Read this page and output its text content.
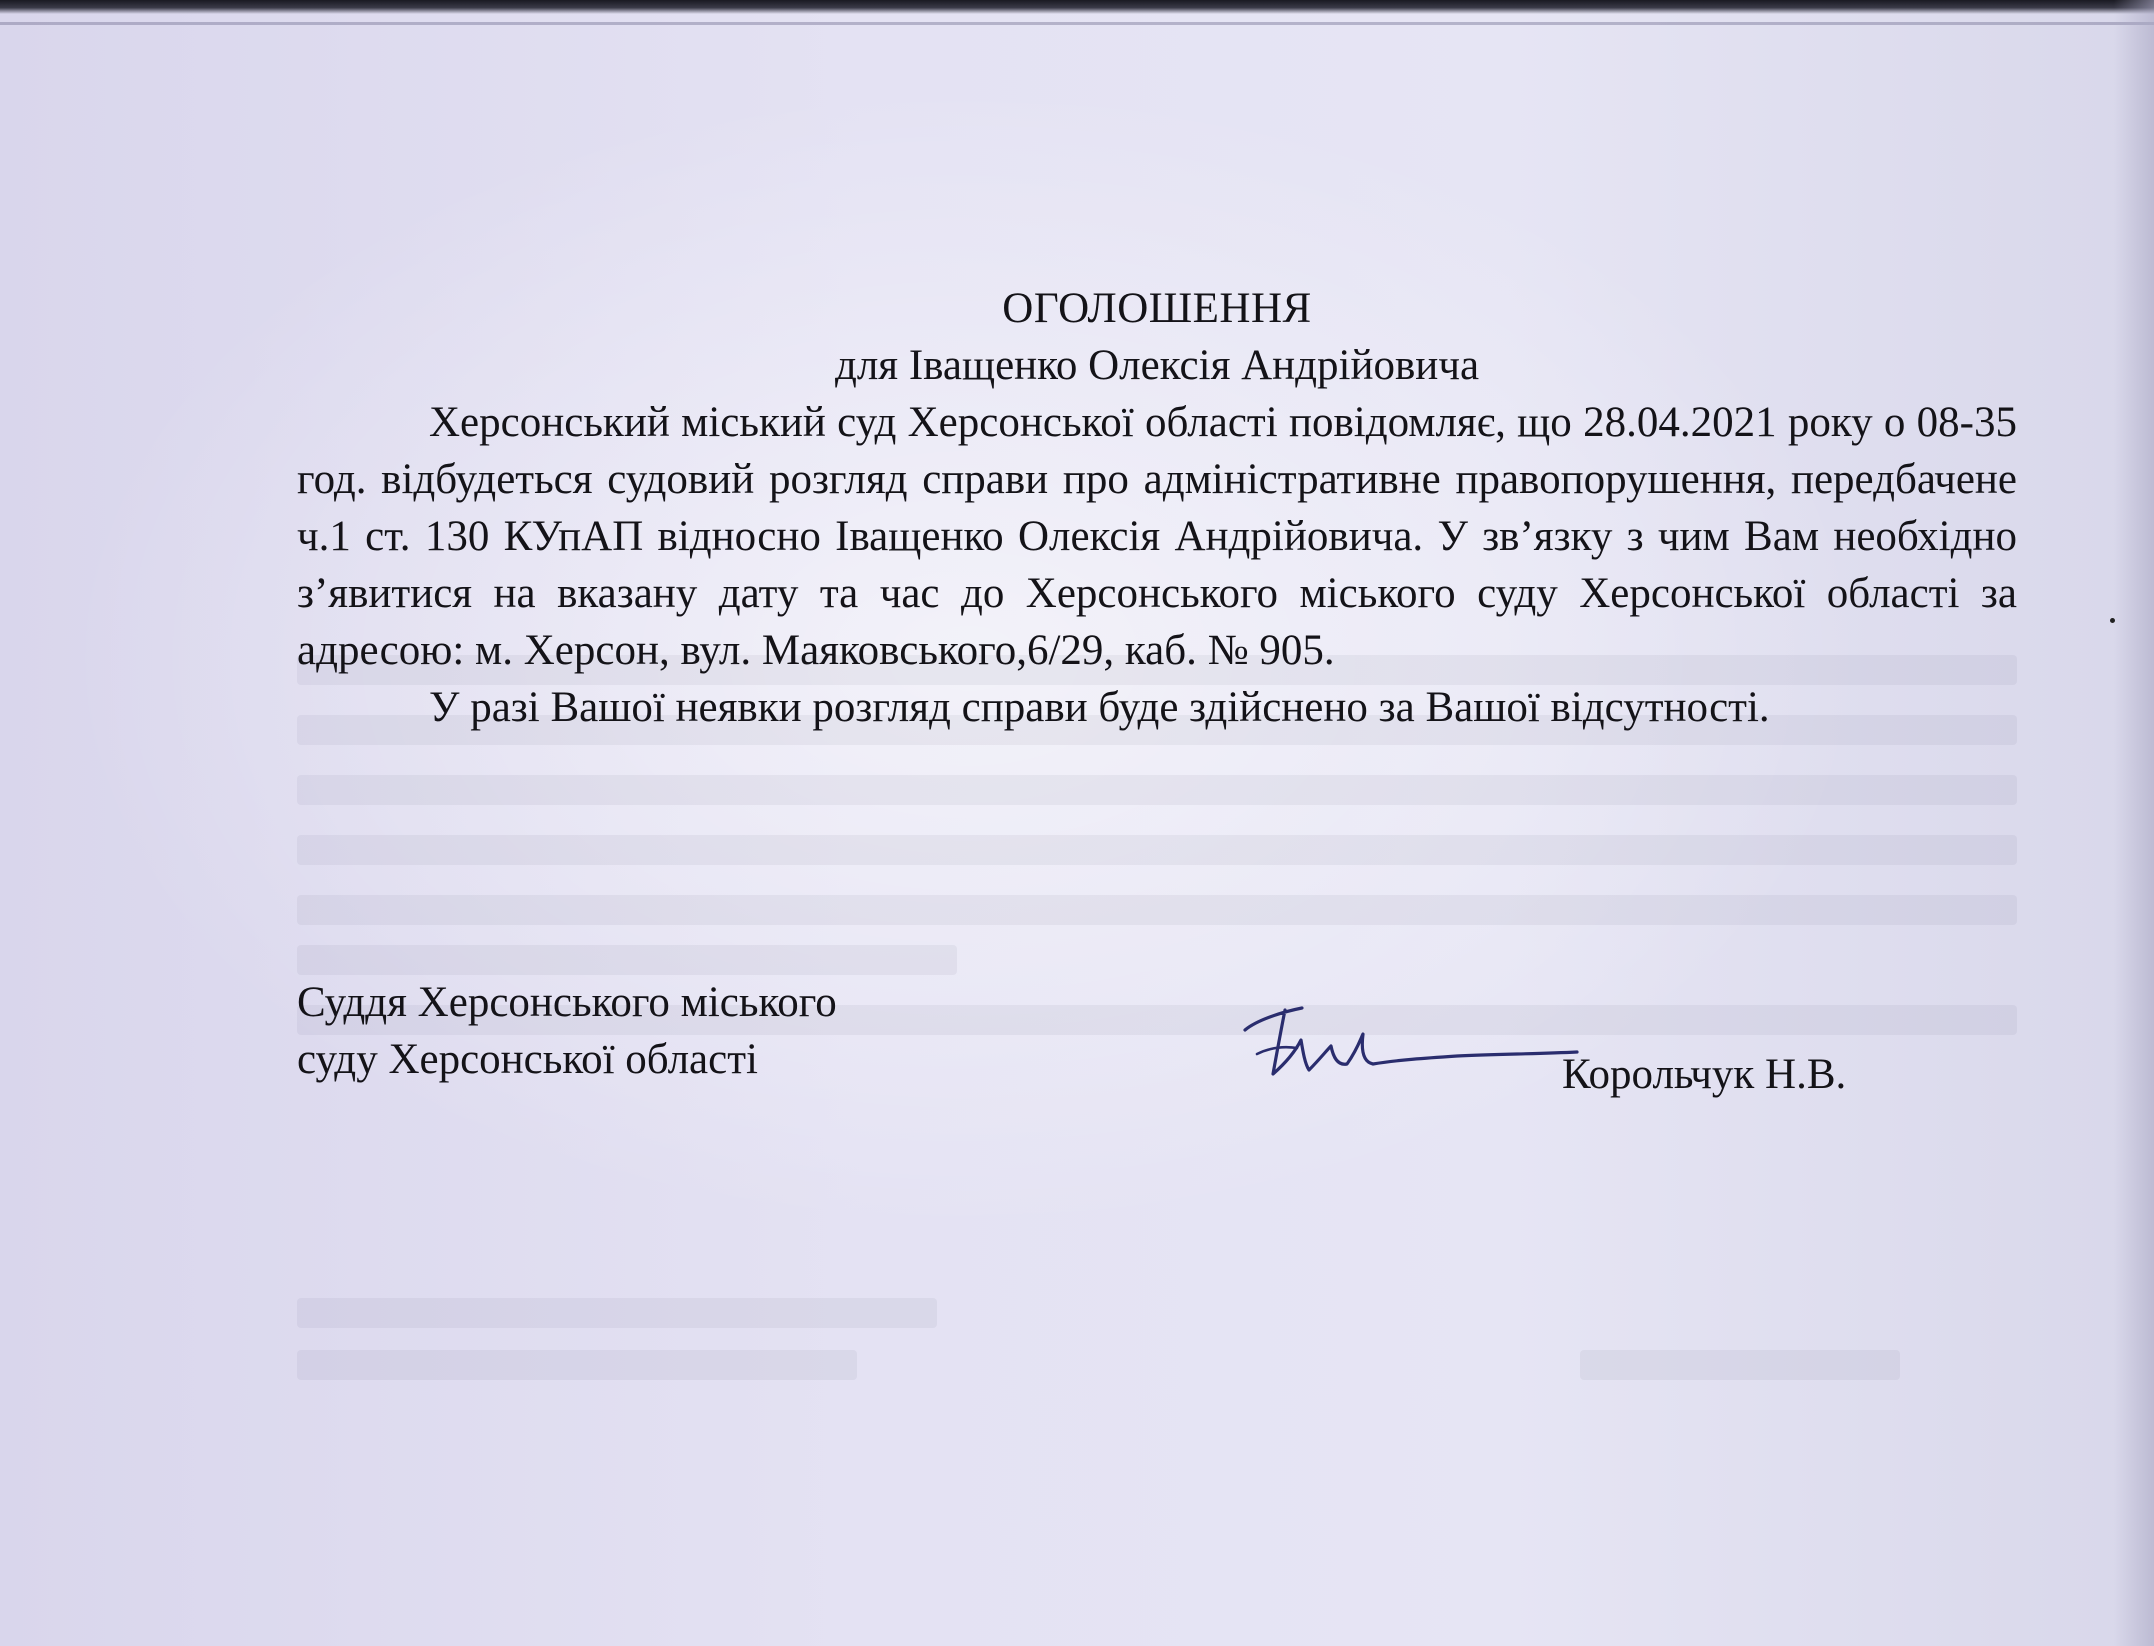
ОГОЛОШЕННЯ

для Іващенко Олексія Андрійовича

Херсонський міський суд Херсонської області повідомляє, що 28.04.2021 року о 08-35 год. відбудеться судовий розгляд справи про адміністративне правопорушення, передбачене ч.1 ст. 130 КУпАП відносно Іващенко Олексія Андрійовича. У зв’язку з чим Вам необхідно з’явитися на вказану дату та час до Херсонського міського суду Херсонської області за адресою: м. Херсон, вул. Маяковського,6/29, каб. № 905.

У разі Вашої неявки розгляд справи буде здійснено за Вашої відсутності.

Суддя Херсонського міського
суду Херсонської області	Корольчук Н.В.
